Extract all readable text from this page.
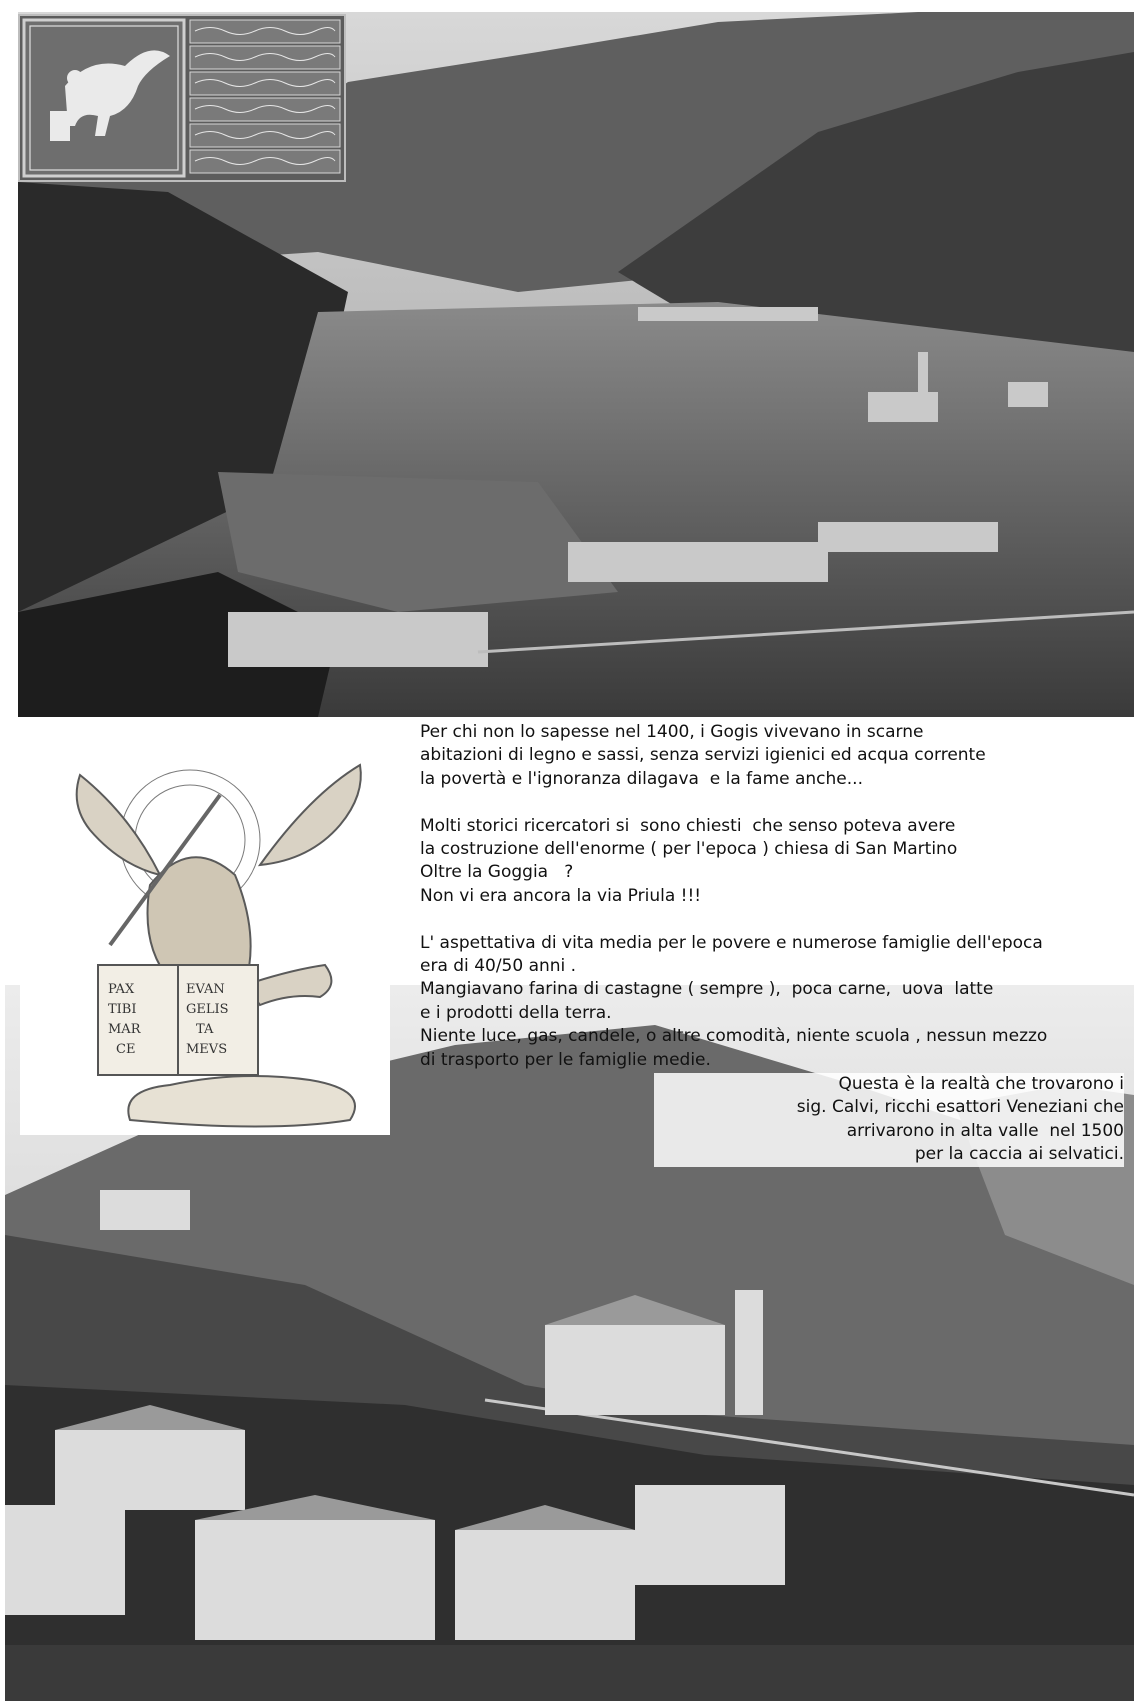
PAX
TIBI
MAR
CE
EVAN
GELIS
TA
MEVS
Per chi non lo sapesse nel 1400, i Gogis vivevano in scarne
abitazioni di legno e sassi, senza servizi igienici ed acqua corrente
la povertà e l'ignoranza dilagava  e la fame anche...
Molti storici ricercatori si  sono chiesti  che senso poteva avere
la costruzione dell'enorme ( per l'epoca ) chiesa di San Martino
Oltre la Goggia   ?
Non vi era ancora la via Priula !!!
L' aspettativa di vita media per le povere e numerose famiglie dell'epoca
era di 40/50 anni .
Mangiavano farina di castagne ( sempre ),  poca carne,  uova  latte
e i prodotti della terra.
Niente luce, gas, candele, o altre comodità, niente scuola , nessun mezzo
di trasporto per le famiglie medie.
Questa è la realtà che trovarono i
sig. Calvi, ricchi esattori Veneziani che
arrivarono in alta valle  nel 1500
per la caccia ai selvatici.
